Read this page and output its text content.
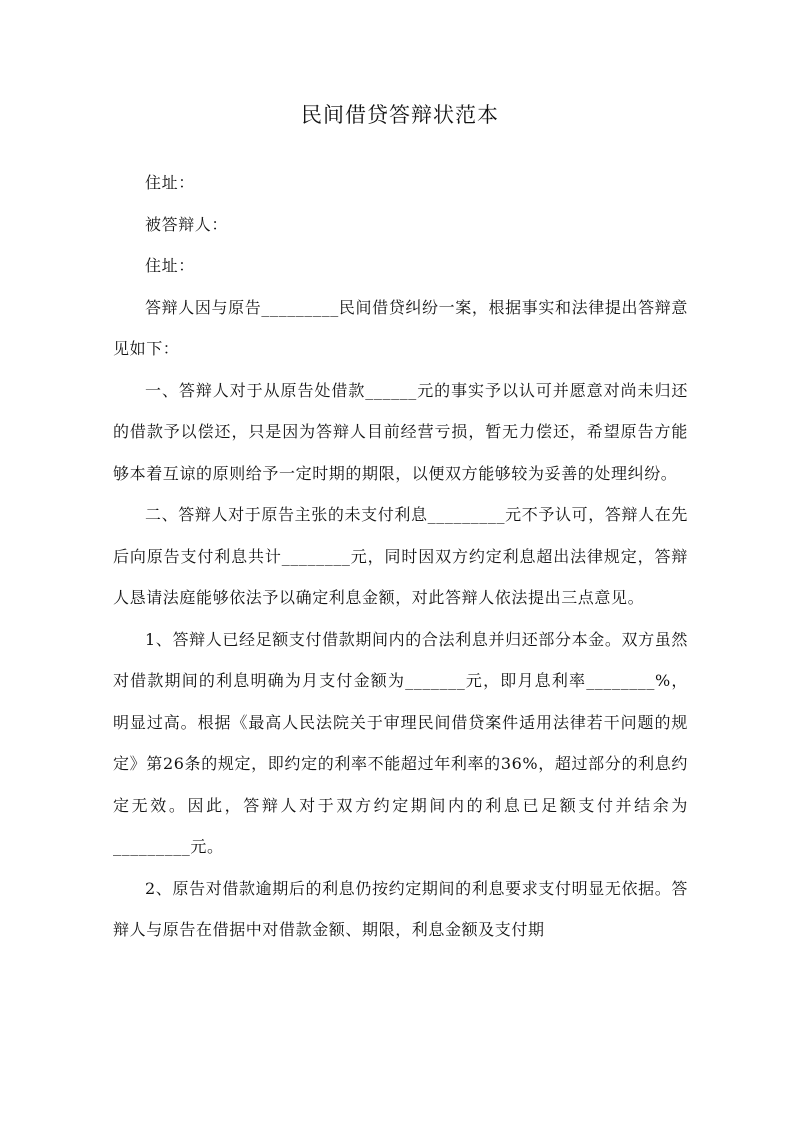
民间借贷答辩状范本

住址：

被答辩人：

住址：

答辩人因与原告_________民间借贷纠纷一案，根据事实和法律提出答辩意见如下：

一、答辩人对于从原告处借款______元的事实予以认可并愿意对尚未归还的借款予以偿还，只是因为答辩人目前经营亏损，暂无力偿还，希望原告方能够本着互谅的原则给予一定时期的期限，以便双方能够较为妥善的处理纠纷。

二、答辩人对于原告主张的未支付利息_________元不予认可，答辩人在先后向原告支付利息共计________元，同时因双方约定利息超出法律规定，答辩人恳请法庭能够依法予以确定利息金额，对此答辩人依法提出三点意见。

1、答辩人已经足额支付借款期间内的合法利息并归还部分本金。双方虽然对借款期间的利息明确为月支付金额为_______元，即月息利率________%，明显过高。根据《最高人民法院关于审理民间借贷案件适用法律若干问题的规定》第26条的规定，即约定的利率不能超过年利率的36%，超过部分的利息约定无效。因此，答辩人对于双方约定期间内的利息已足额支付并结余为_________元。

2、原告对借款逾期后的利息仍按约定期间的利息要求支付明显无依据。答辩人与原告在借据中对借款金额、期限，利息金额及支付期
